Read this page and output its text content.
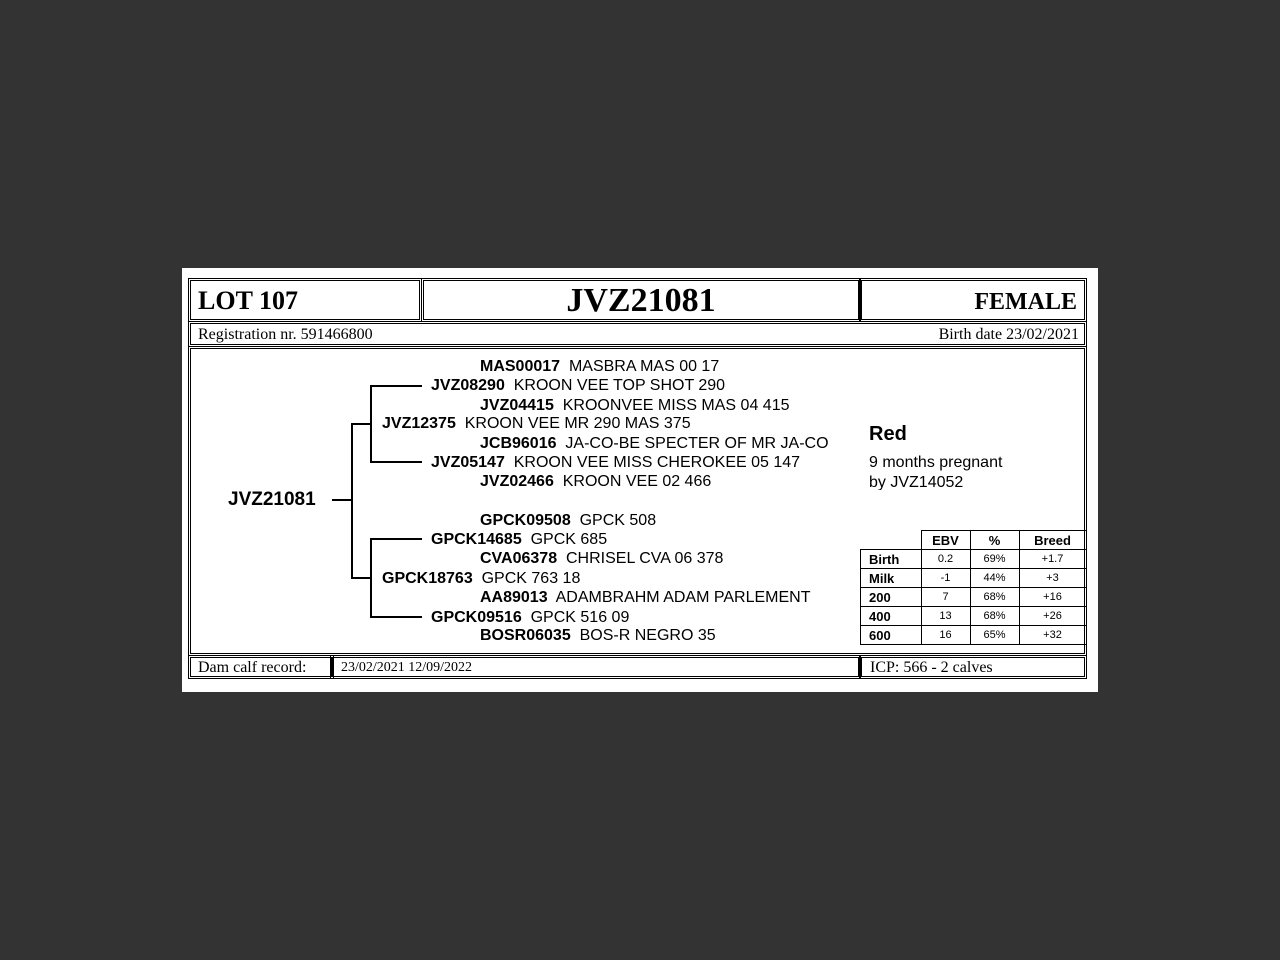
LOT 107	JVZ21081	FEMALE
Registration nr. 591466800	Birth date 23/02/2021
JVZ21081
MAS00017 MASBRA MAS 00 17
JVZ08290 KROON VEE TOP SHOT 290
JVZ04415 KROONVEE MISS MAS 04 415
JVZ12375 KROON VEE MR 290 MAS 375
JCB96016 JA-CO-BE SPECTER OF MR JA-CO
JVZ05147 KROON VEE MISS CHEROKEE 05 147
JVZ02466 KROON VEE 02 466
GPCK09508 GPCK 508
GPCK14685 GPCK 685
CVA06378 CHRISEL CVA 06 378
GPCK18763 GPCK 763 18
AA89013 ADAMBRAHM ADAM PARLEMENT
GPCK09516 GPCK 516 09
BOSR06035 BOS-R NEGRO 35
Red
9 months pregnant
by JVZ14052
	EBV	%	Breed
Birth	0.2	69%	+1.7
Milk	-1	44%	+3
200	7	68%	+16
400	13	68%	+26
600	16	65%	+32
Dam calf record: 23/02/2021 12/09/2022	ICP: 566 - 2 calves
